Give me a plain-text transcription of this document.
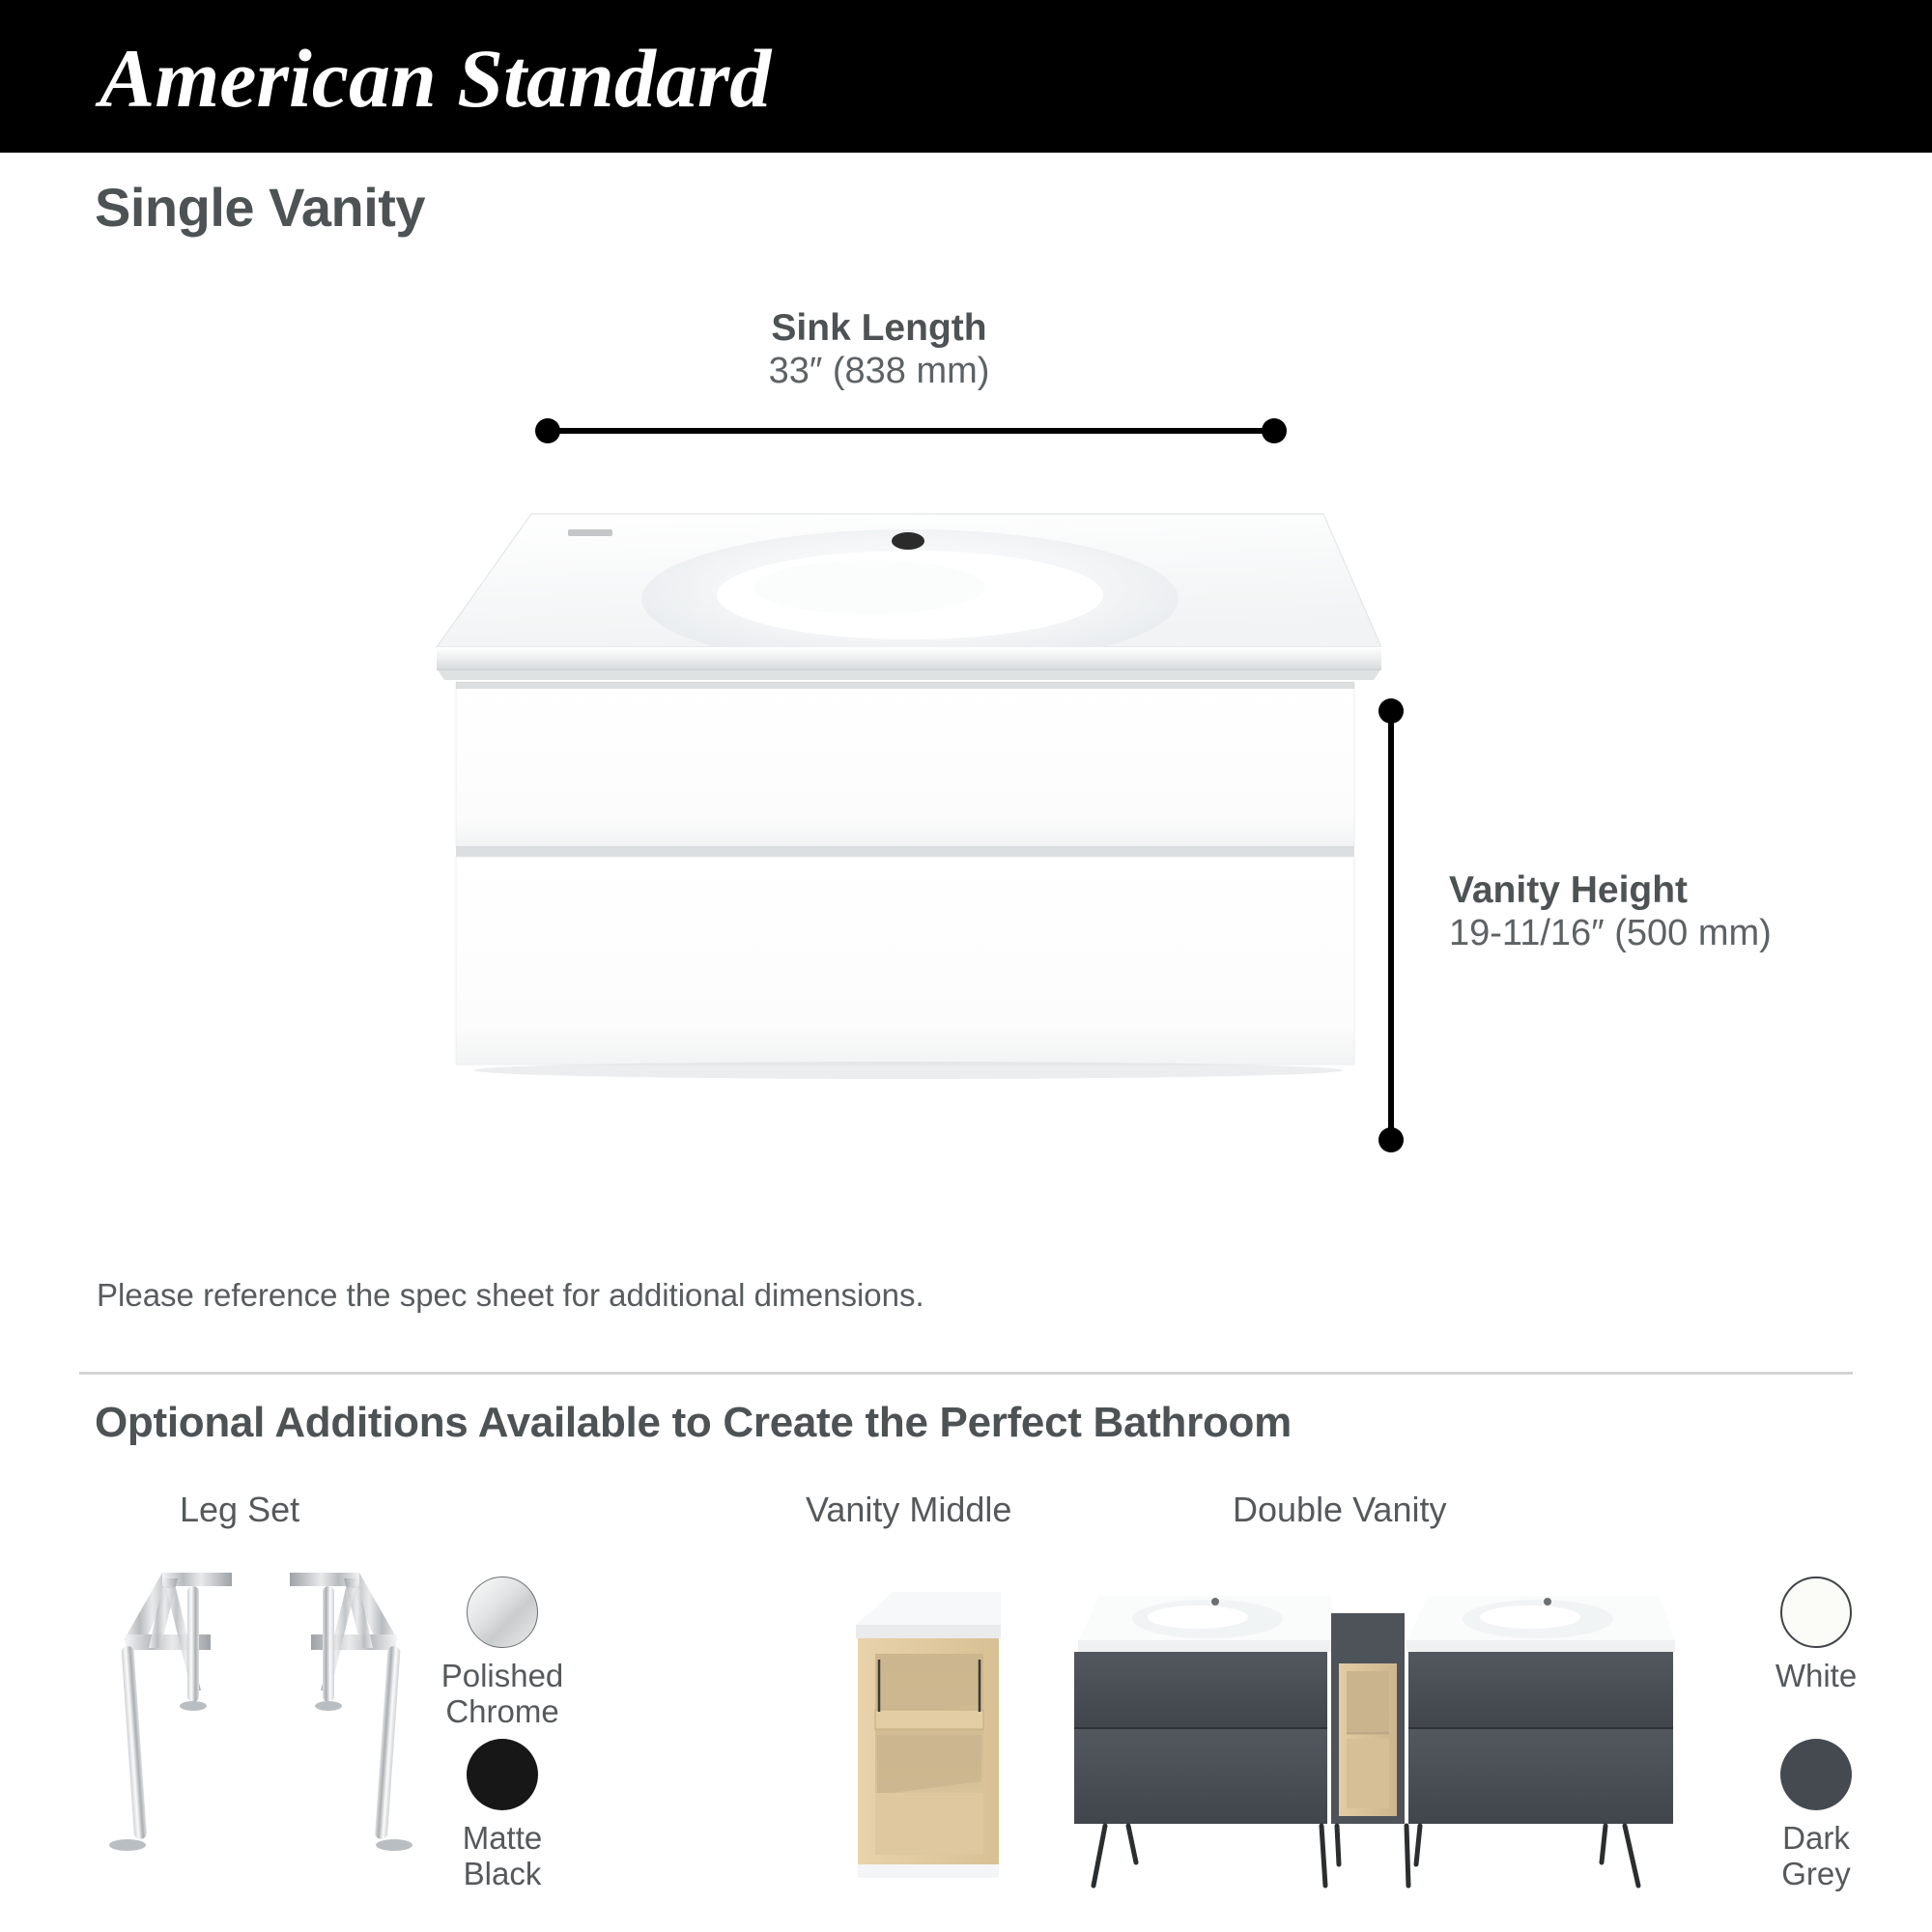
American Standard
Single Vanity
Sink Length
33″ (838 mm)
Vanity Height
19-11/16″ (500 mm)
Please reference the spec sheet for additional dimensions.
Optional Additions Available to Create the Perfect Bathroom
Leg Set	Vanity Middle	Double Vanity
Polished
Chrome
Matte
Black
White
Dark
Grey
